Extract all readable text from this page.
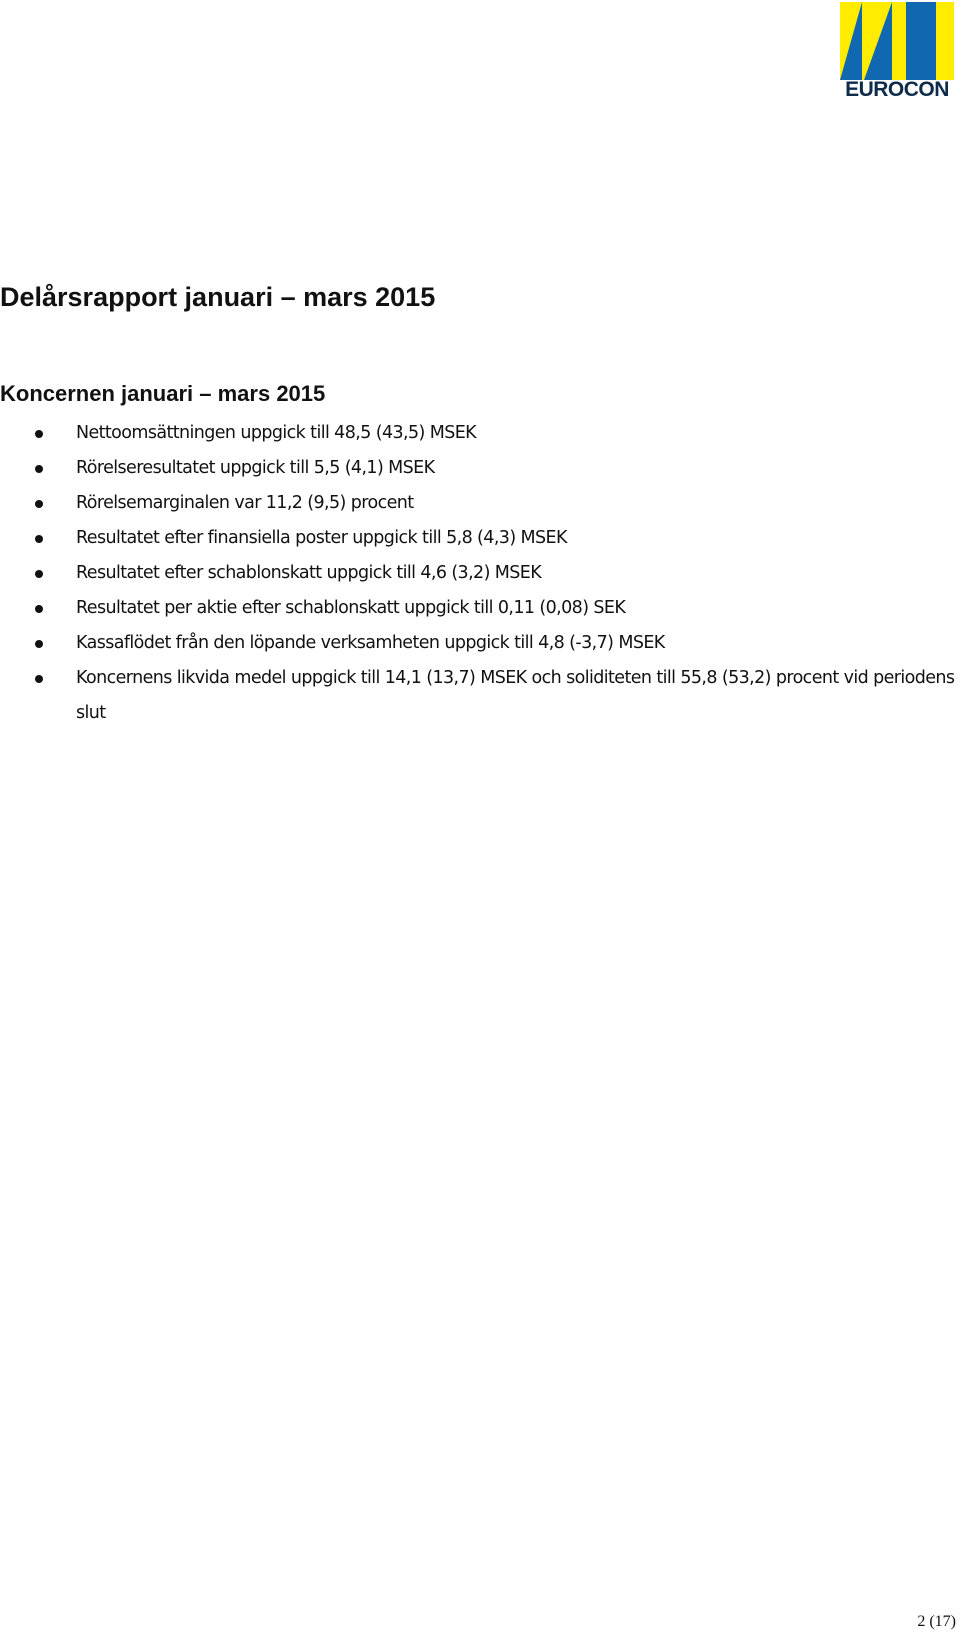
EUROCON
Delårsrapport januari – mars 2015
Koncernen januari – mars 2015
Nettoomsättningen uppgick till 48,5 (43,5) MSEK
Rörelseresultatet uppgick till 5,5 (4,1) MSEK
Rörelsemarginalen var 11,2 (9,5) procent
Resultatet efter finansiella poster uppgick till 5,8 (4,3) MSEK
Resultatet efter schablonskatt uppgick till 4,6 (3,2) MSEK
Resultatet per aktie efter schablonskatt uppgick till 0,11 (0,08) SEK
Kassaflödet från den löpande verksamheten uppgick till 4,8 (-3,7) MSEK
Koncernens likvida medel uppgick till 14,1 (13,7) MSEK och soliditeten till 55,8 (53,2) procent vid periodens slut
2 (17)
